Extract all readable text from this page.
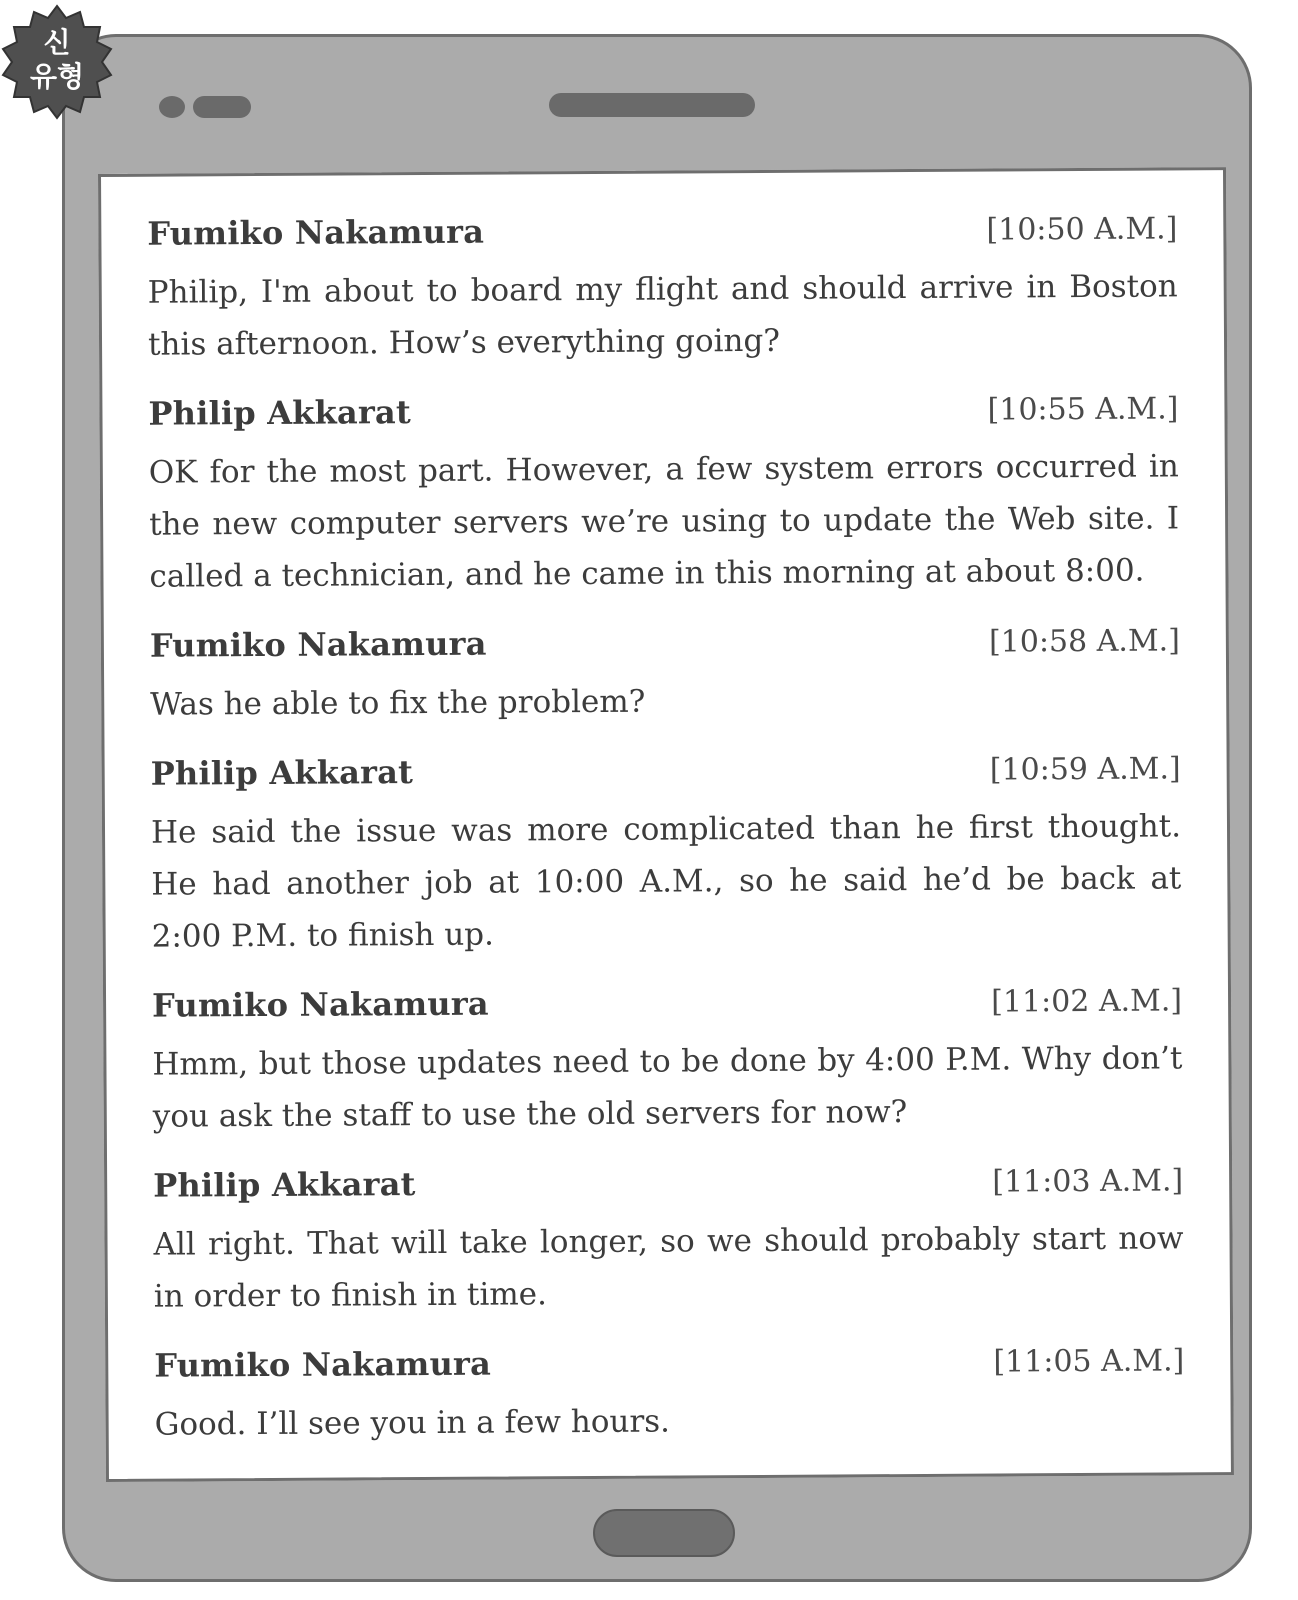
Fumiko Nakamura	[10:50 A.M.]

Philip, I'm about to board my flight and should arrive in Boston this afternoon. How’s everything going?

Philip Akkarat	[10:55 A.M.]

OK for the most part. However, a few system errors occurred in the new computer servers we’re using to update the Web site. I called a technician, and he came in this morning at about 8:00.

Fumiko Nakamura	[10:58 A.M.]

Was he able to fix the problem?

Philip Akkarat	[10:59 A.M.]

He said the issue was more complicated than he first thought. He had another job at 10:00 A.M., so he said he’d be back at 2:00 P.M. to finish up.

Fumiko Nakamura	[11:02 A.M.]

Hmm, but those updates need to be done by 4:00 P.M. Why don’t you ask the staff to use the old servers for now?

Philip Akkarat	[11:03 A.M.]

All right. That will take longer, so we should probably start now in order to finish in time.

Fumiko Nakamura	[11:05 A.M.]

Good. I’ll see you in a few hours.

신
유형
